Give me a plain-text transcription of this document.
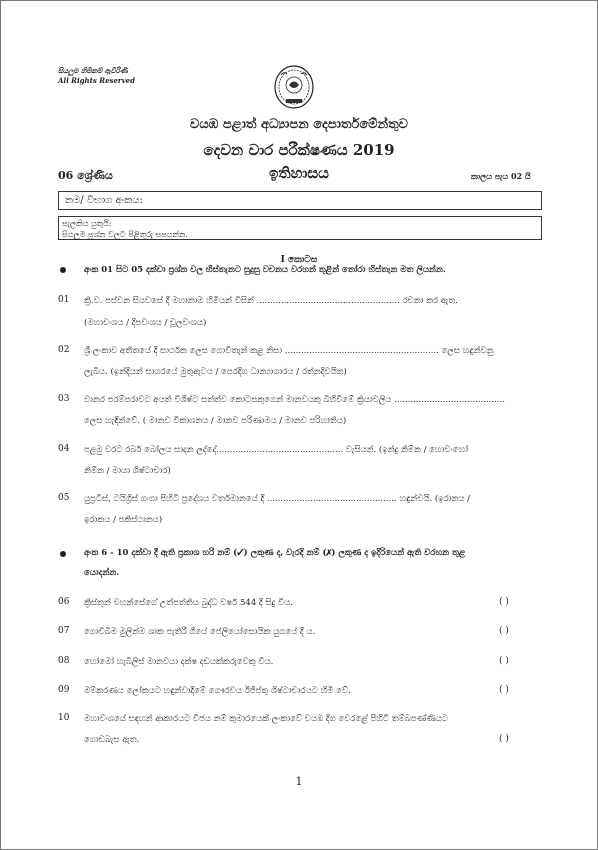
සියලුම හිමිකම් ඇවිරිණි
All Rights Reserved
වයඹ පළාත් අධ්‍යාපන දෙපාර්තමේන්තුව
දෙවන වාර පරීක්ෂණය 2019
ඉතිහාසය
06 ශ්‍රේණිය	කාලය පැය 02 යි
නම/ විභාග අංකය:
සැලකිය යුතුයි:
සියලුම ප්‍රශ්න වලට පිළිතුරු සපයන්න.
I කොටස
අංක 01 සිට 05 දක්වා ප්‍රශ්න වල හිස්තැනට සුදුසු වචනය වරහන් තුළින් තෝරා හිස්තැන මත ලියන්න.
01 ක්‍රි.ව. පස්වන සියවසේ දී මහානාම හිමියන් විසින් ..................................................... රචනා කර ඇත.
(මහාවංශය / දීපවංශය / චූලවංශය)
02 ශ්‍රී ලංකාව අතීතයේ දී සාර්ථක ලෙස ගොවිතැන් කළ නිසා ......................................................... ලෙස හඳුන්වනු
ලැබීය. (ඉන්දියන් සාගරයේ මුතුඇටය / පෙරදිග ධාන්‍යාගාරය / රත්නදිවයින)
03 වානර පරම්පරාවට අයත් විශිෂ්ට සත්ත්ව කොටසකුගෙන් මානවයකු බිහිවීමේ ක්‍රියාවලිය .........................................
ලෙස හැඳින්වේ. ( මානව විකාශනය / මානව පරිණාමය / මානව පරිහානිය)
04 පළමු වරට රබර් බෝලය සාදන ලද්දේ............................................... වැසියන්. (ඉන්දු නිම්න / හොවංහෝ
නිම්න / මායා ශිෂ්ටාචාර)
05 යුප්‍රටීස්, ටයිග්‍රිස් ගංගා පිහිටි ප්‍රදේශය වර්තමානයේ දී ................................................ හඳුන්වයි. (ඉරානය /
ඉරාකය / පකිස්ථානය)
අංක 6 - 10 දක්වා දී ඇති ප්‍රකාශ හරි නම් (✓) ලකුණ ද, වැරදි නම් (✗) ලකුණ ද ඉදිරියෙන් ඇති වරහන තුළ
යොදන්න.
06 ක්‍රිස්තුන් වහන්සේගේ උත්පත්තිය බුද්ධ වර්ෂ 544 දී සිදු විය.	( )
07 ගොවිබිම මුලින්ම ශාක පැතිරී ගියේ පේලියෝසොයික යුගයේ දී ය.	( )
08 හෝමෝ හැබිලිස් මානවයා දක්ෂ දඩයක්කරුවෙකු විය.	( )
09 මම්කරණය ලෝකයට හඳුන්වාදීමේ ගෞරවය ඊජිප්තු ශිෂ්ටාචාරයට හිමි වේ.	( )
10 මහාවංශයේ සඳහන් ආකාරයට විජය නම් කුමාරයෙක් ලංකාවේ වයඹ දිග වෙරළේ පිහිටි තම්බපණ්ණියට
ගොඩබැස ඇත.	( )
1
